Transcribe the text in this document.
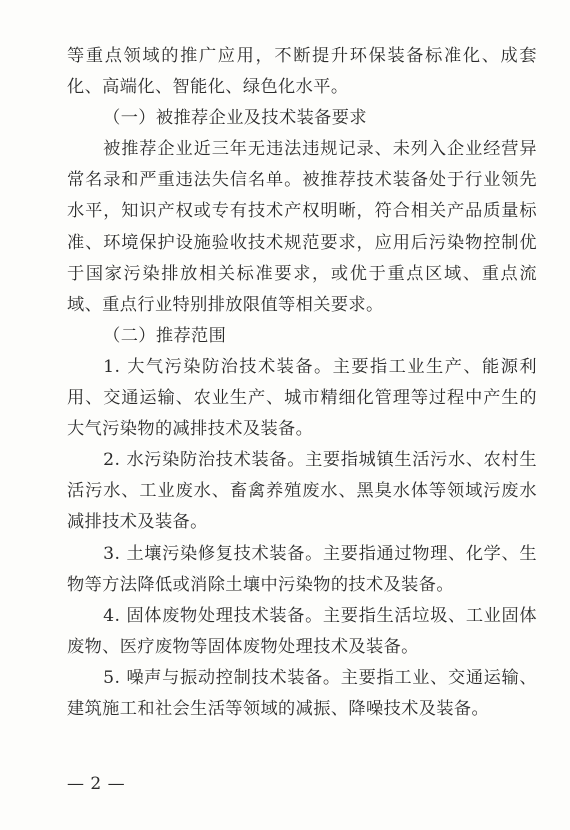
等重点领域的推广应用，不断提升环保装备标准化、成套化、高端化、智能化、绿色化水平。

（一）被推荐企业及技术装备要求

被推荐企业近三年无违法违规记录、未列入企业经营异常名录和严重违法失信名单。被推荐技术装备处于行业领先水平，知识产权或专有技术产权明晰，符合相关产品质量标准、环境保护设施验收技术规范要求，应用后污染物控制优于国家污染排放相关标准要求，或优于重点区域、重点流域、重点行业特别排放限值等相关要求。

（二）推荐范围

1. 大气污染防治技术装备。主要指工业生产、能源利用、交通运输、农业生产、城市精细化管理等过程中产生的大气污染物的减排技术及装备。

2. 水污染防治技术装备。主要指城镇生活污水、农村生活污水、工业废水、畜禽养殖废水、黑臭水体等领域污废水减排技术及装备。

3. 土壤污染修复技术装备。主要指通过物理、化学、生物等方法降低或消除土壤中污染物的技术及装备。

4. 固体废物处理技术装备。主要指生活垃圾、工业固体废物、医疗废物等固体废物处理技术及装备。

5. 噪声与振动控制技术装备。主要指工业、交通运输、建筑施工和社会生活等领域的减振、降噪技术及装备。

— 2 —
